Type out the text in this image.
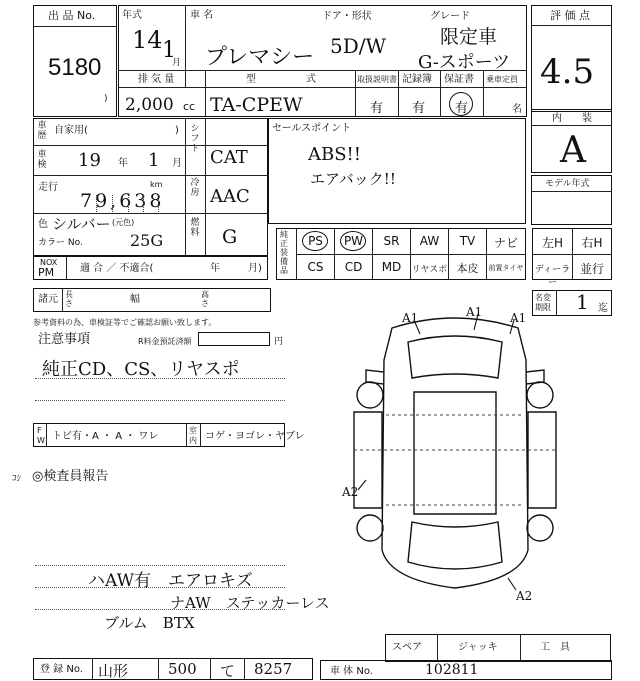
出 品 No.
5180
)
年式
14 1
月
車 名
プレマシー
ドア・形状
5D/W
グレード
限定車
G-スポーツ
排 気 量
2,000 cc
型	式
TA-CPEW
取扱説明書
有
記録簿
有
保証書
有
乗車定員
名
評 価 点
4.5
内　　装
A
モデル年式
車
歴 自家用(	)
車
検 19 年 1 月
走行	km
79,638
色 シルバー (元色)
カラー No.	25G
シ
フ
ト CAT
冷
房 AAC
燃
料 G
セールスポイント
ABS!!
エアバック!!
純
正
装
備
品
PS	PW	SR	AW	TV	ナビ
CS	CD	MD	リヤスポ 本皮	前置タイヤ
左H	右H
ディーラー
並行
NOX
PM	適 合 ／ 不適合(	年	月)
諸元 長
さ	幅	高
さ
名変
期限 1 迄
参考資料の為、車検証等でご確認お願い致します。
注意事項	R料金預託済額	円
純正CD、CS、リヤスポ
F
W トビ有・A ・ A ・ ワレ
室
内 コゲ・ヨゴレ・ヤブレ
ｺｼ ◎検査員報告
ハAW有　エアロキズ
ナAW　ステッカーレス
ブルム　BTX
A1	A1 A1
A2
A2
スペア	ジャッキ	工　具
登 録 No. 山形	500 て 8257	車 体 No.	102811
